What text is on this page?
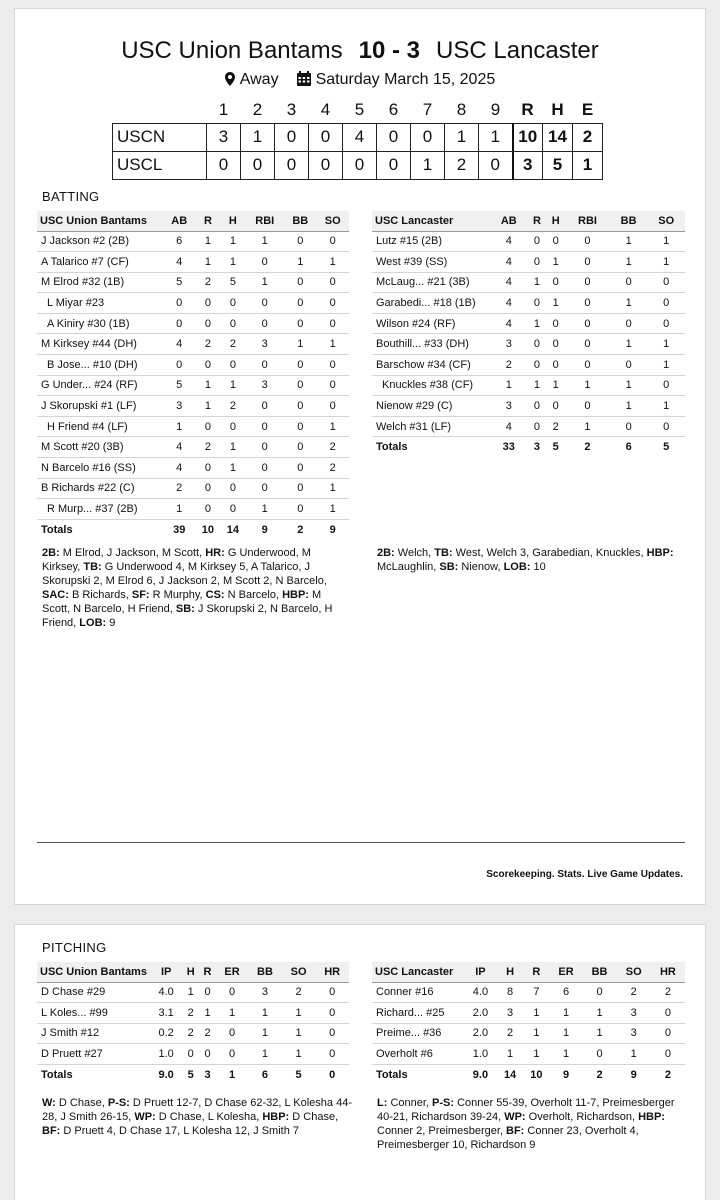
USC Union Bantams 10 - 3 USC Lancaster
Away Saturday March 15, 2025
	1	2	3	4	5	6	7	8	9	R	H	E
USCN	3	1	0	0	4	0	0	1	1	10	14	2
USCL	0	0	0	0	0	0	1	2	0	3	5	1
BATTING
USC Union Bantams	AB	R	H	RBI	BB	SO
J Jackson #2 (2B)	6	1	1	1	0	0
A Talarico #7 (CF)	4	1	1	0	1	1
M Elrod #32 (1B)	5	2	5	1	0	0
L Miyar #23	0	0	0	0	0	0
A Kiniry #30 (1B)	0	0	0	0	0	0
M Kirksey #44 (DH)	4	2	2	3	1	1
B Jose... #10 (DH)	0	0	0	0	0	0
G Under... #24 (RF)	5	1	1	3	0	0
J Skorupski #1 (LF)	3	1	2	0	0	0
H Friend #4 (LF)	1	0	0	0	0	1
M Scott #20 (3B)	4	2	1	0	0	2
N Barcelo #16 (SS)	4	0	1	0	0	2
B Richards #22 (C)	2	0	0	0	0	1
R Murp... #37 (2B)	1	0	0	1	0	1
Totals	39	10	14	9	2	9
USC Lancaster	AB	R	H	RBI	BB	SO
Lutz #15 (2B)	4	0	0	0	1	1
West #39 (SS)	4	0	1	0	1	1
McLaug... #21 (3B)	4	1	0	0	0	0
Garabedi... #18 (1B)	4	0	1	0	1	0
Wilson #24 (RF)	4	1	0	0	0	0
Bouthill... #33 (DH)	3	0	0	0	1	1
Barschow #34 (CF)	2	0	0	0	0	1
Knuckles #38 (CF)	1	1	1	1	1	0
Nienow #29 (C)	3	0	0	0	1	1
Welch #31 (LF)	4	0	2	1	0	0
Totals	33	3	5	2	6	5
2B: M Elrod, J Jackson, M Scott, HR: G Underwood, M Kirksey, TB: G Underwood 4, M Kirksey 5, A Talarico, J Skorupski 2, M Elrod 6, J Jackson 2, M Scott 2, N Barcelo, SAC: B Richards, SF: R Murphy, CS: N Barcelo, HBP: M Scott, N Barcelo, H Friend, SB: J Skorupski 2, N Barcelo, H Friend, LOB: 9
2B: Welch, TB: West, Welch 3, Garabedian, Knuckles, HBP: McLaughlin, SB: Nienow, LOB: 10
Scorekeeping. Stats. Live Game Updates.
PITCHING
USC Union Bantams	IP	H	R	ER	BB	SO	HR
D Chase #29	4.0	1	0	0	3	2	0
L Koles... #99	3.1	2	1	1	1	1	0
J Smith #12	0.2	2	2	0	1	1	0
D Pruett #27	1.0	0	0	0	1	1	0
Totals	9.0	5	3	1	6	5	0
USC Lancaster	IP	H	R	ER	BB	SO	HR
Conner #16	4.0	8	7	6	0	2	2
Richard... #25	2.0	3	1	1	1	3	0
Preime... #36	2.0	2	1	1	1	3	0
Overholt #6	1.0	1	1	1	0	1	0
Totals	9.0	14	10	9	2	9	2
W: D Chase, P-S: D Pruett 12-7, D Chase 62-32, L Kolesha 44-28, J Smith 26-15, WP: D Chase, L Kolesha, HBP: D Chase, BF: D Pruett 4, D Chase 17, L Kolesha 12, J Smith 7
L: Conner, P-S: Conner 55-39, Overholt 11-7, Preimesberger 40-21, Richardson 39-24, WP: Overholt, Richardson, HBP: Conner 2, Preimesberger, BF: Conner 23, Overholt 4, Preimesberger 10, Richardson 9
